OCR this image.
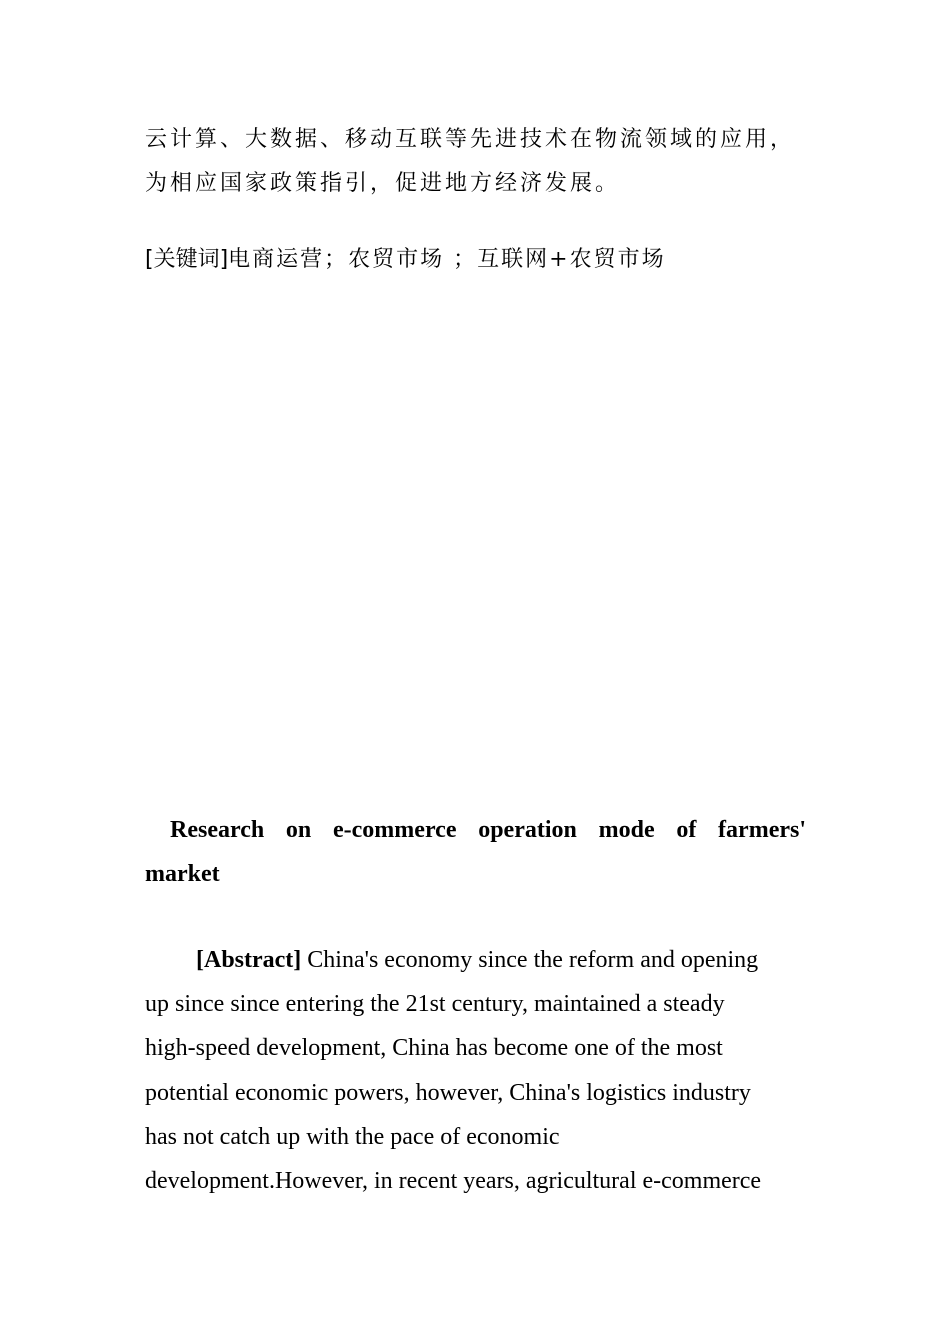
云计算、大数据、移动互联等先进技术在物流领域的应用，
为相应国家政策指引，促进地方经济发展。
[关键词]电商运营；农贸市场 ；互联网+农贸市场
Research on e-commerce operation mode of farmers' market
[Abstract] China's economy since the reform and opening
up since since entering the 21st century, maintained a steady
high-speed development, China has become one of the most
potential economic powers, however, China's logistics industry
has not catch up with the pace of economic
development.However, in recent years, agricultural e-commerce
